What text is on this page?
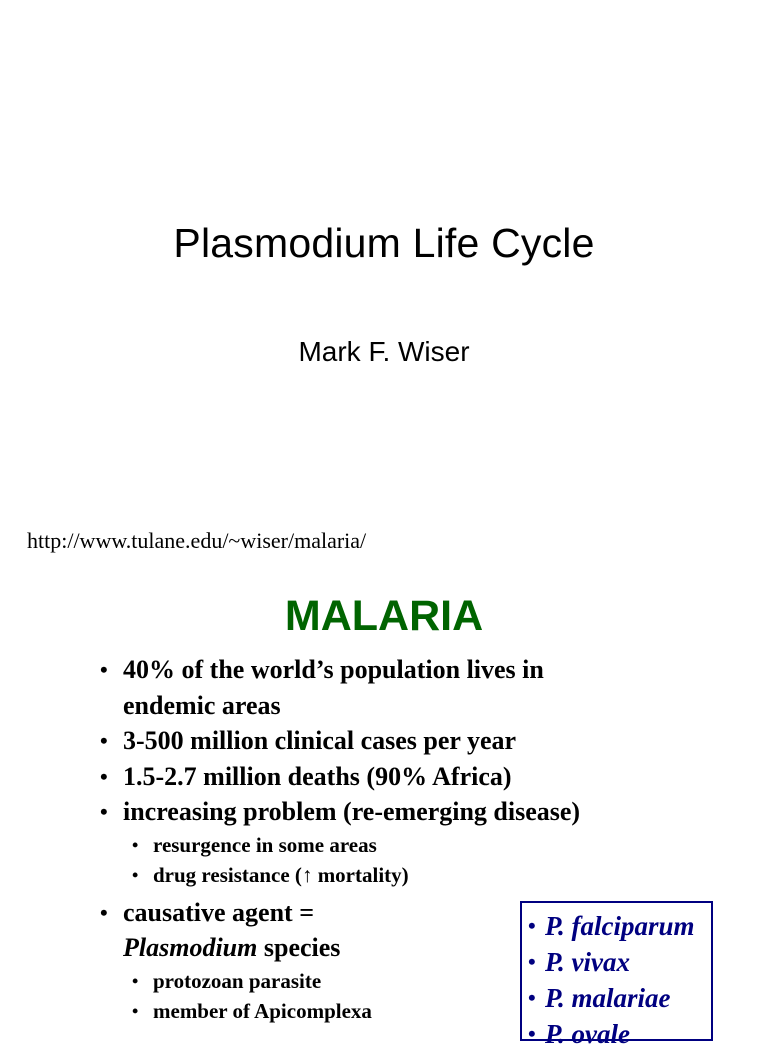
Plasmodium Life Cycle
Mark F. Wiser
http://www.tulane.edu/~wiser/malaria/
MALARIA
• 40% of the world’s population lives in
endemic areas
• 3-500 million clinical cases per year
• 1.5-2.7 million deaths (90% Africa)
• increasing problem (re-emerging disease)
• resurgence in some areas
• drug resistance (↑ mortality)
• causative agent =
Plasmodium species
• protozoan parasite
• member of Apicomplexa
• P. falciparum
• P. vivax
• P. malariae
• P. ovale
